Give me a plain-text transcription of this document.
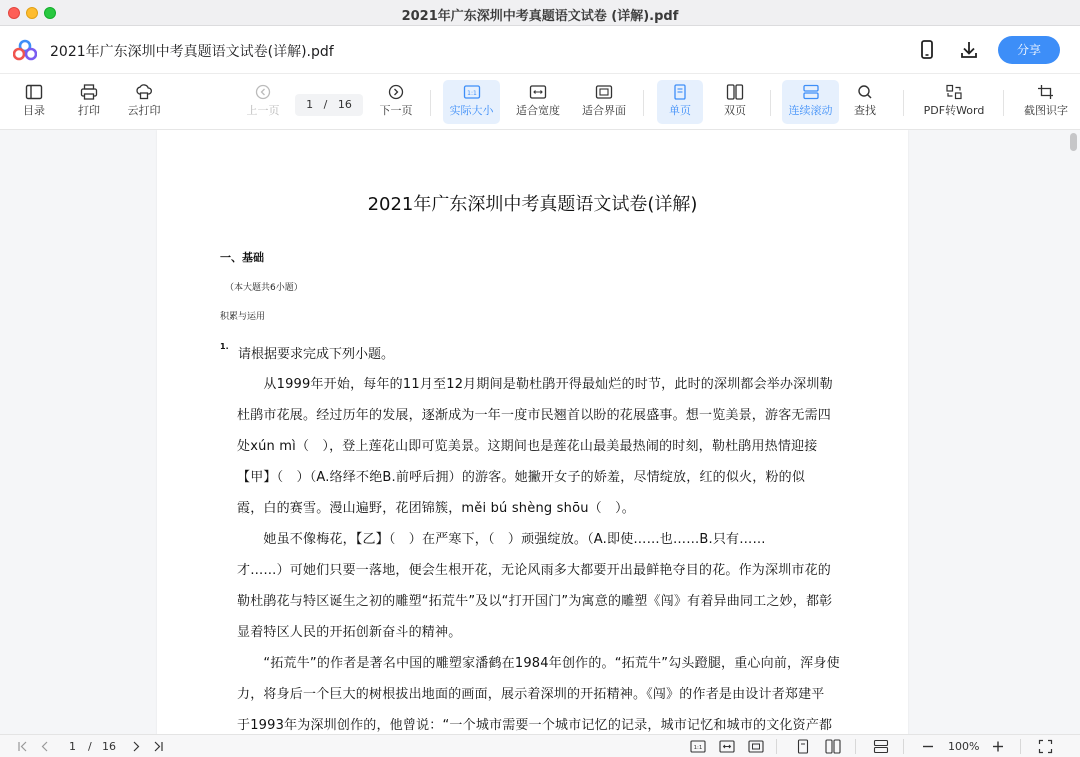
2021年广东深圳中考真题语文试卷 (详解).pdf
2021年广东深圳中考真题语文试卷(详解).pdf	分享
目录	打印	云打印	上一页	1 / 16	下一页
1:1
实际大小	适合宽度	适合界面	单页	双页	连续滚动	查找	PDF转Word	截图识字
2021年广东深圳中考真题语文试卷(详解)
一、基础
（本大题共6小题）
积累与运用
1.
请根据要求完成下列小题。
　　从1999年开始，每年的11月至12月期间是勒杜鹃开得最灿烂的时节，此时的深圳都会举办深圳勒
杜鹃市花展。经过历年的发展，逐渐成为一年一度市民翘首以盼的花展盛事。想一览美景，游客无需四
处xún mì（　），登上莲花山即可览美景。这期间也是莲花山最美最热闹的时刻，勒杜鹃用热情迎接
【甲】（　）（A.络绎不绝B.前呼后拥）的游客。她撇开女子的娇羞，尽情绽放，红的似火，粉的似
霞，白的赛雪。漫山遍野，花团锦簇，měi bú shèng shōu（　）。
　　她虽不像梅花，【乙】（　）在严寒下，（　）顽强绽放。（A.即使……也……B.只有……
才……）可她们只要一落地，便会生根开花，无论风雨多大都要开出最鲜艳夺目的花。作为深圳市花的
勒杜鹃花与特区诞生之初的雕塑“拓荒牛”及以“打开国门”为寓意的雕塑《闯》有着异曲同工之妙，都彰
显着特区人民的开拓创新奋斗的精神。
　　“拓荒牛”的作者是著名中国的雕塑家潘鹤在1984年创作的。“拓荒牛”勾头蹬腿，重心向前，浑身使
力，将身后一个巨大的树根拔出地面的画面，展示着深圳的开拓精神。《闯》的作者是由设计者郑建平
于1993年为深圳创作的，他曾说：“一个城市需要一个城市记忆的记录，城市记忆和城市的文化资产都
1 / 16	1:1	100%
